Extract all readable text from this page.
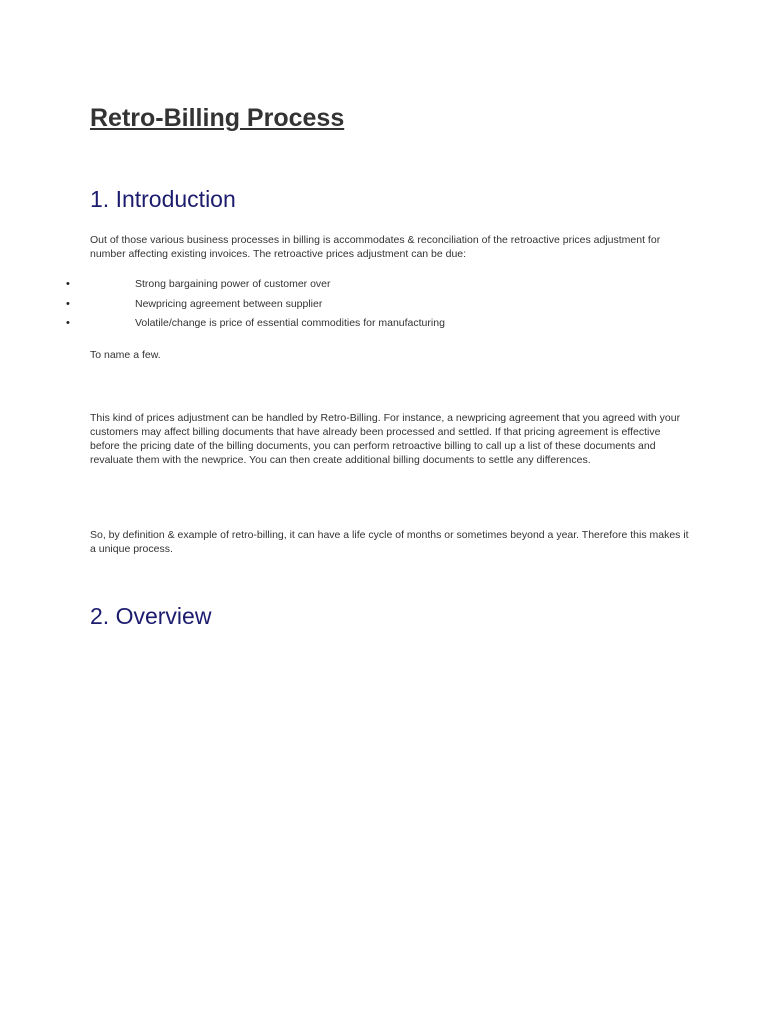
Retro-Billing Process
1. Introduction

Out of those various business processes in billing is accommodates & reconciliation of the retroactive prices adjustment for number affecting existing invoices. The retroactive prices adjustment can be due:

•	Strong bargaining power of customer over
•	Newpricing agreement between supplier
•	Volatile/change is price of essential commodities for manufacturing

To name a few.

This kind of prices adjustment can be handled by Retro-Billing. For instance, a newpricing agreement that you agreed with your customers may affect billing documents that have already been processed and settled. If that pricing agreement is effective before the pricing date of the billing documents, you can perform retroactive billing to call up a list of these documents and revaluate them with the newprice. You can then create additional billing documents to settle any differences.

So, by definition & example of retro-billing, it can have a life cycle of months or sometimes beyond a year. Therefore this makes it a unique process.

2. Overview
